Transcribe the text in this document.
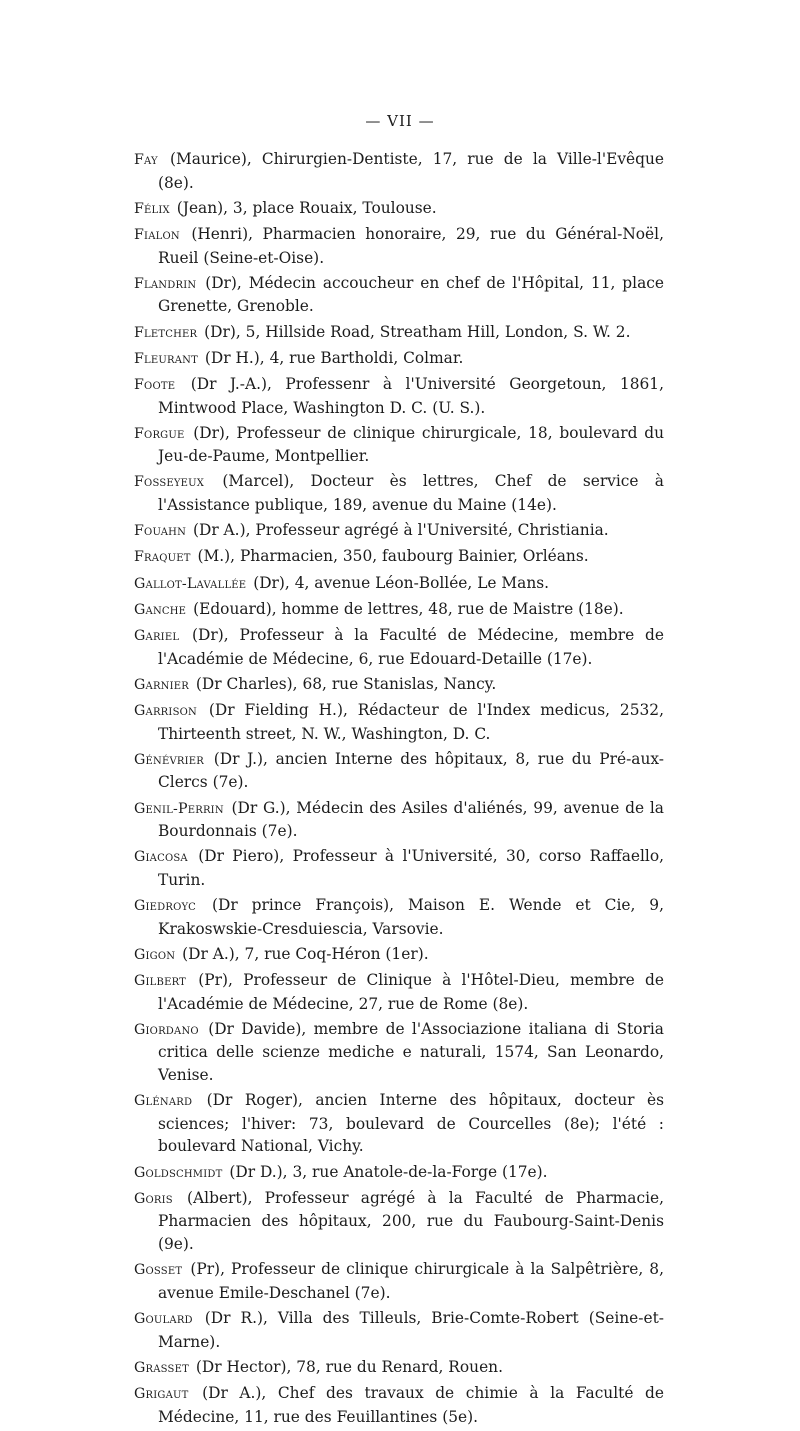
— VII —
Fay (Maurice), Chirurgien-Dentiste, 17, rue de la Ville-l'Evêque (8e).
Félix (Jean), 3, place Rouaix, Toulouse.
Fialon (Henri), Pharmacien honoraire, 29, rue du Général-Noël, Rueil (Seine-et-Oise).
Flandrin (Dr), Médecin accoucheur en chef de l'Hôpital, 11, place Grenette, Grenoble.
Fletcher (Dr), 5, Hillside Road, Streatham Hill, London, S. W. 2.
Fleurant (Dr H.), 4, rue Bartholdi, Colmar.
Foote (Dr J.-A.), Professenr à l'Université Georgetoun, 1861, Mintwood Place, Washington D. C. (U. S.).
Forgue (Dr), Professeur de clinique chirurgicale, 18, boulevard du Jeu-de-Paume, Montpellier.
Fosseyeux (Marcel), Docteur ès lettres, Chef de service à l'Assistance publique, 189, avenue du Maine (14e).
Fouahn (Dr A.), Professeur agrégé à l'Université, Christiania.
Fraquet (M.), Pharmacien, 350, faubourg Bainier, Orléans.
Gallot-Lavallée (Dr), 4, avenue Léon-Bollée, Le Mans.
Ganche (Edouard), homme de lettres, 48, rue de Maistre (18e).
Gariel (Dr), Professeur à la Faculté de Médecine, membre de l'Académie de Médecine, 6, rue Edouard-Detaille (17e).
Garnier (Dr Charles), 68, rue Stanislas, Nancy.
Garrison (Dr Fielding H.), Rédacteur de l'Index medicus, 2532, Thirteenth street, N. W., Washington, D. C.
Génévrier (Dr J.), ancien Interne des hôpitaux, 8, rue du Pré-aux-Clercs (7e).
Genil-Perrin (Dr G.), Médecin des Asiles d'aliénés, 99, avenue de la Bourdonnais (7e).
Giacosa (Dr Piero), Professeur à l'Université, 30, corso Raffaello, Turin.
Giedroyc (Dr prince François), Maison E. Wende et Cie, 9, Krakoswskie-Cresduiescia, Varsovie.
Gigon (Dr A.), 7, rue Coq-Héron (1er).
Gilbert (Pr), Professeur de Clinique à l'Hôtel-Dieu, membre de l'Académie de Médecine, 27, rue de Rome (8e).
Giordano (Dr Davide), membre de l'Associazione italiana di Storia critica delle scienze mediche e naturali, 1574, San Leonardo, Venise.
Glénard (Dr Roger), ancien Interne des hôpitaux, docteur ès sciences; l'hiver: 73, boulevard de Courcelles (8e); l'été : boulevard National, Vichy.
Goldschmidt (Dr D.), 3, rue Anatole-de-la-Forge (17e).
Goris (Albert), Professeur agrégé à la Faculté de Pharmacie, Pharmacien des hôpitaux, 200, rue du Faubourg-Saint-Denis (9e).
Gosset (Pr), Professeur de clinique chirurgicale à la Salpêtrière, 8, avenue Emile-Deschanel (7e).
Goulard (Dr R.), Villa des Tilleuls, Brie-Comte-Robert (Seine-et-Marne).
Grasset (Dr Hector), 78, rue du Renard, Rouen.
Grigaut (Dr A.), Chef des travaux de chimie à la Faculté de Médecine, 11, rue des Feuillantines (5e).
